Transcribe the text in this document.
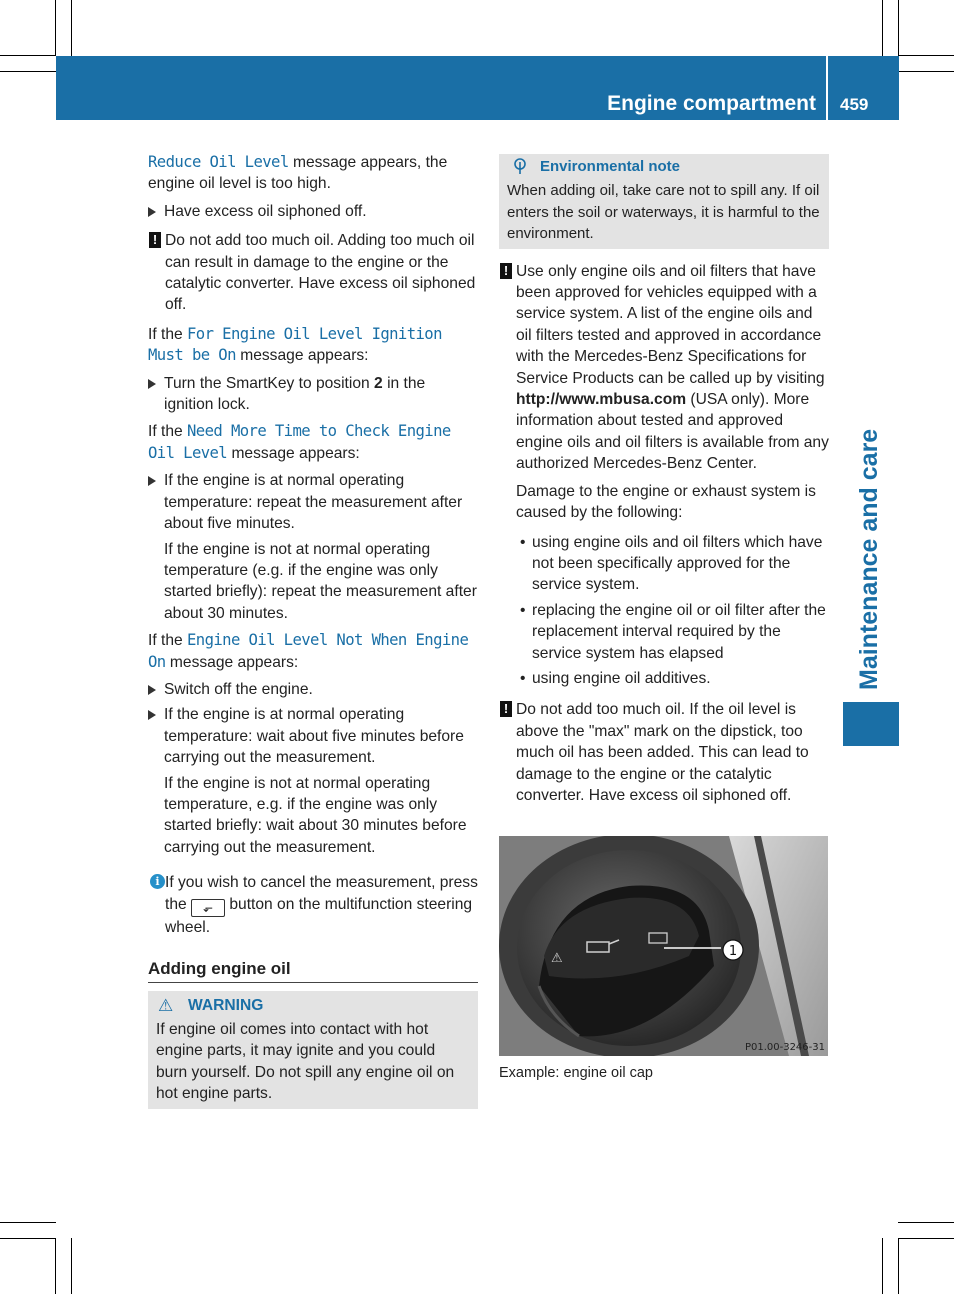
Engine compartment 459
Maintenance and care

Reduce Oil Level message appears, the engine oil level is too high.

Have excess oil siphoned off.
! Do not add too much oil. Adding too much oil can result in damage to the engine or the catalytic converter. Have excess oil siphoned off.

If the For Engine Oil Level Ignition Must be On message appears:

Turn the SmartKey to position 2 in the ignition lock.

If the Need More Time to Check Engine Oil Level message appears:

If the engine is at normal operating temperature: repeat the measurement after about five minutes.

If the engine is not at normal operating temperature (e.g. if the engine was only started briefly): repeat the measurement after about 30 minutes.

If the Engine Oil Level Not When Engine On message appears:

Switch off the engine.
If the engine is at normal operating temperature: wait about five minutes before carrying out the measurement.

If the engine is not at normal operating temperature, e.g. if the engine was only started briefly: wait about 30 minutes before carrying out the measurement.

i If you wish to cancel the measurement, press the ⬐ button on the multifunction steering wheel.
Adding engine oil
⚠ WARNING

If engine oil comes into contact with hot engine parts, it may ignite and you could burn yourself. Do not spill any engine oil on hot engine parts.

Environmental note

When adding oil, take care not to spill any. If oil enters the soil or waterways, it is harmful to the environment.

! Use only engine oils and oil filters that have been approved for vehicles equipped with a service system. A list of the engine oils and oil filters tested and approved in accordance with the Mercedes-Benz Specifications for Service Products can be called up by visiting http://www.mbusa.com (USA only). More information about tested and approved engine oils and oil filters is available from any authorized Mercedes-Benz Center.

Damage to the engine or exhaust system is caused by the following:

• using engine oils and oil filters which have not been specifically approved for the service system.
• replacing the engine oil or oil filter after the replacement interval required by the service system has elapsed
• using engine oil additives.
! Do not add too much oil. If the oil level is above the "max" mark on the dipstick, too much oil has been added. This can lead to damage to the engine or the catalytic converter. Have excess oil siphoned off.
⚠	1
P01.00-3246-31
Example: engine oil cap
